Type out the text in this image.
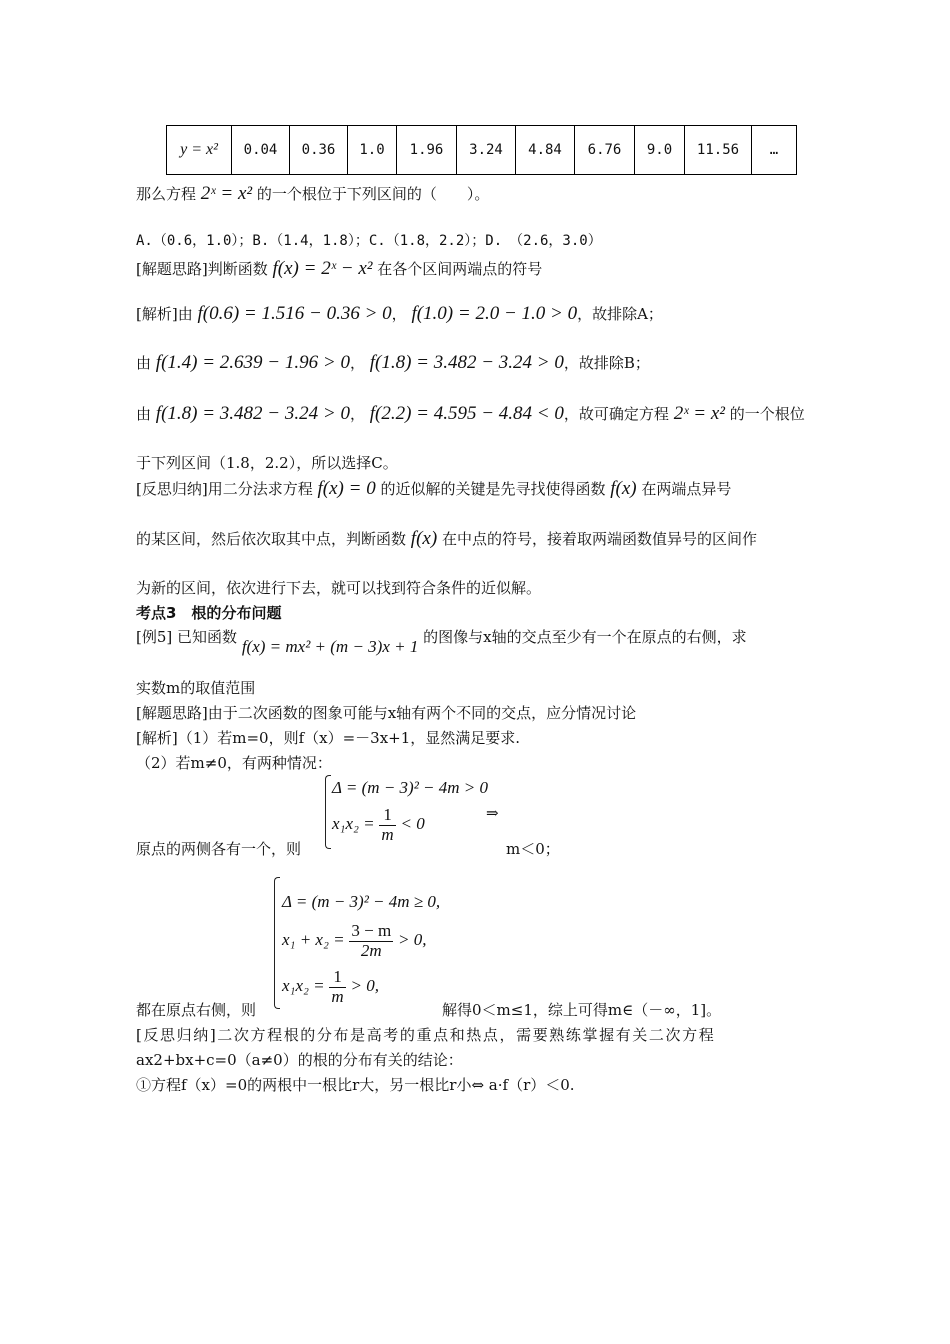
y = x²	0.04	0.36	1.0	1.96	3.24	4.84	6.76	9.0	11.56	…
那么方程 2ˣ = x² 的一个根位于下列区间的（　　）。
A.（0.6，1.0）；B.（1.4，1.8）；C.（1.8，2.2）；D.　（2.6，3.0）
[解题思路]判断函数 f(x) = 2ˣ − x² 在各个区间两端点的符号
[解析]由 f(0.6) = 1.516 − 0.36 > 0， f(1.0) = 2.0 − 1.0 > 0，故排除A；
由 f(1.4) = 2.639 − 1.96 > 0， f(1.8) = 3.482 − 3.24 > 0，故排除B；
由 f(1.8) = 3.482 − 3.24 > 0， f(2.2) = 4.595 − 4.84 < 0，故可确定方程 2ˣ = x² 的一个根位
于下列区间（1.8，2.2），所以选择C。
[反思归纳]用二分法求方程 f(x) = 0 的近似解的关键是先寻找使得函数 f(x) 在两端点异号
的某区间，然后依次取其中点，判断函数 f(x) 在中点的符号，接着取两端函数值异号的区间作
为新的区间，依次进行下去，就可以找到符合条件的近似解。
考点3　根的分布问题
[例5] 已知函数 f(x) = mx² + (m − 3)x + 1 的图像与x轴的交点至少有一个在原点的右侧，求
实数m的取值范围
[解题思路]由于二次函数的图象可能与x轴有两个不同的交点，应分情况讨论
[解析]（1）若m=0，则f（x）=－3x+1，显然满足要求.
（2）若m≠0，有两种情况：
Δ = (m − 3)² − 4m > 0
$x_1x_2 = \frac{1}{m} < 0$
⇒
原点的两侧各有一个，则	m＜0；
Δ = (m − 3)² − 4m ≥ 0,
$x_1 + x_2 = \frac{3 - m}{2m} > 0$,
$x_1x_2 = \frac{1}{m} > 0$,
都在原点右侧，则	解得0＜m≤1，综上可得m∈（－∞，1]。
[反思归纳]二次方程根的分布是高考的重点和热点，需要熟练掌握有关二次方程
ax2+bx+c=0（a≠0）的根的分布有关的结论：
①方程f（x）=0的两根中一根比r大，另一根比r小⇔ a·f（r）＜0.
